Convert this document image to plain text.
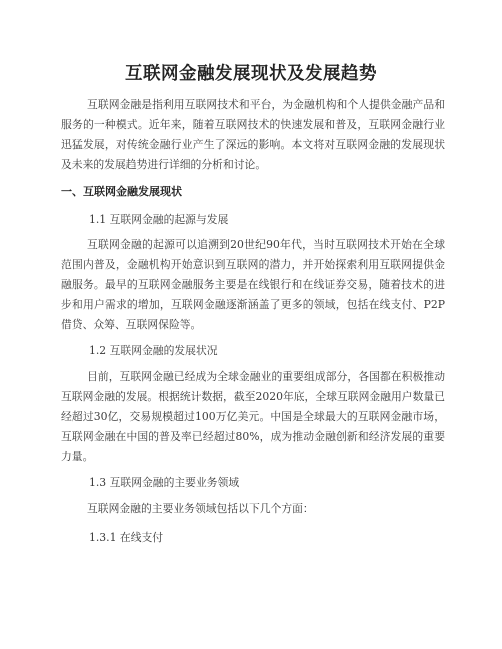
互联网金融发展现状及发展趋势
互联网金融是指利用互联网技术和平台，为金融机构和个人提供金融产品和服务的一种模式。近年来，随着互联网技术的快速发展和普及，互联网金融行业迅猛发展，对传统金融行业产生了深远的影响。本文将对互联网金融的发展现状及未来的发展趋势进行详细的分析和讨论。
一、互联网金融发展现状
1.1 互联网金融的起源与发展
互联网金融的起源可以追溯到20世纪90年代，当时互联网技术开始在全球范围内普及，金融机构开始意识到互联网的潜力，并开始探索利用互联网提供金融服务。最早的互联网金融服务主要是在线银行和在线证券交易，随着技术的进步和用户需求的增加，互联网金融逐渐涵盖了更多的领域，包括在线支付、P2P借贷、众筹、互联网保险等。
1.2 互联网金融的发展状况
目前，互联网金融已经成为全球金融业的重要组成部分，各国都在积极推动互联网金融的发展。根据统计数据，截至2020年底，全球互联网金融用户数量已经超过30亿，交易规模超过100万亿美元。中国是全球最大的互联网金融市场，互联网金融在中国的普及率已经超过80%，成为推动金融创新和经济发展的重要力量。
1.3 互联网金融的主要业务领域
互联网金融的主要业务领域包括以下几个方面：
1.3.1 在线支付
